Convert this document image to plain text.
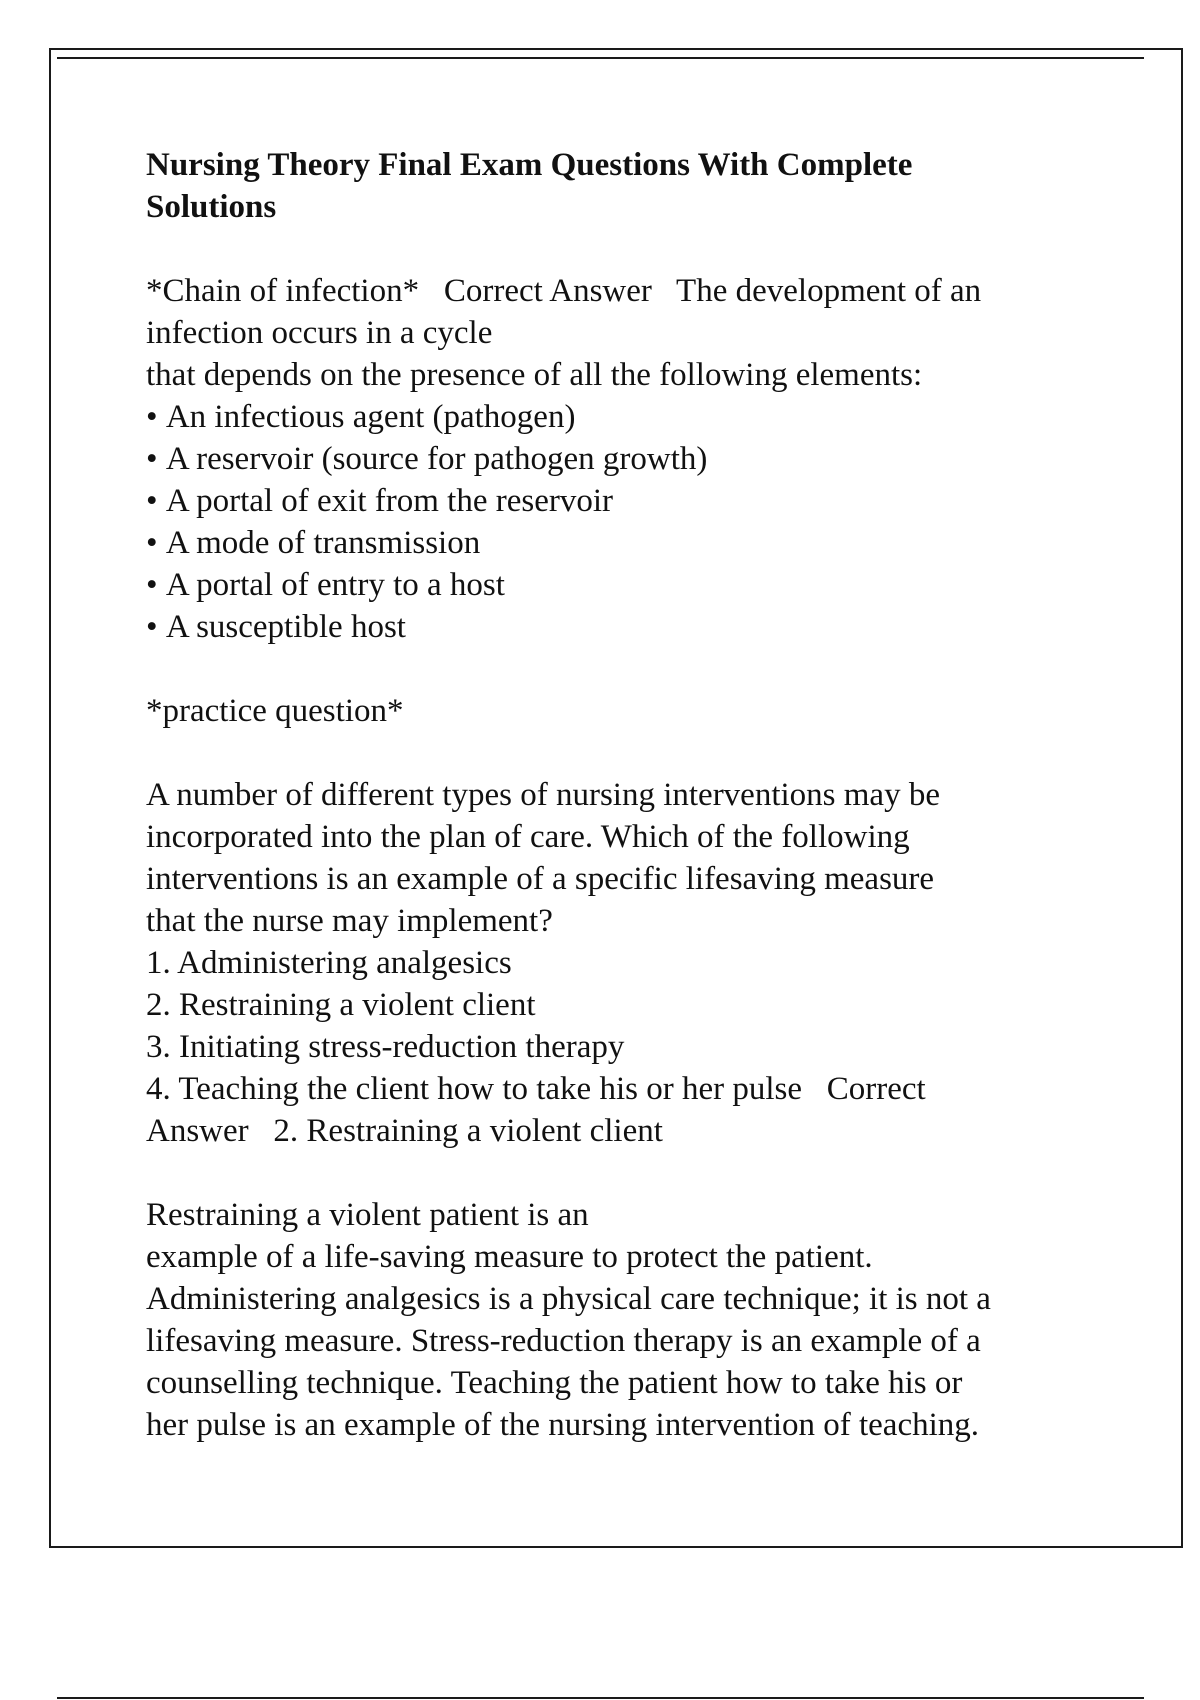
Nursing Theory Final Exam Questions With Complete Solutions
*Chain of infection* Correct Answer The development of an
infection occurs in a cycle
that depends on the presence of all the following elements:
• An infectious agent (pathogen)
• A reservoir (source for pathogen growth)
• A portal of exit from the reservoir
• A mode of transmission
• A portal of entry to a host
• A susceptible host
*practice question*
A number of different types of nursing interventions may be
incorporated into the plan of care. Which of the following
interventions is an example of a specific lifesaving measure
that the nurse may implement?
1. Administering analgesics
2. Restraining a violent client
3. Initiating stress-reduction therapy
4. Teaching the client how to take his or her pulse Correct
Answer 2. Restraining a violent client
Restraining a violent patient is an
example of a life-saving measure to protect the patient.
Administering analgesics is a physical care technique; it is not a
lifesaving measure. Stress-reduction therapy is an example of a
counselling technique. Teaching the patient how to take his or
her pulse is an example of the nursing intervention of teaching.
